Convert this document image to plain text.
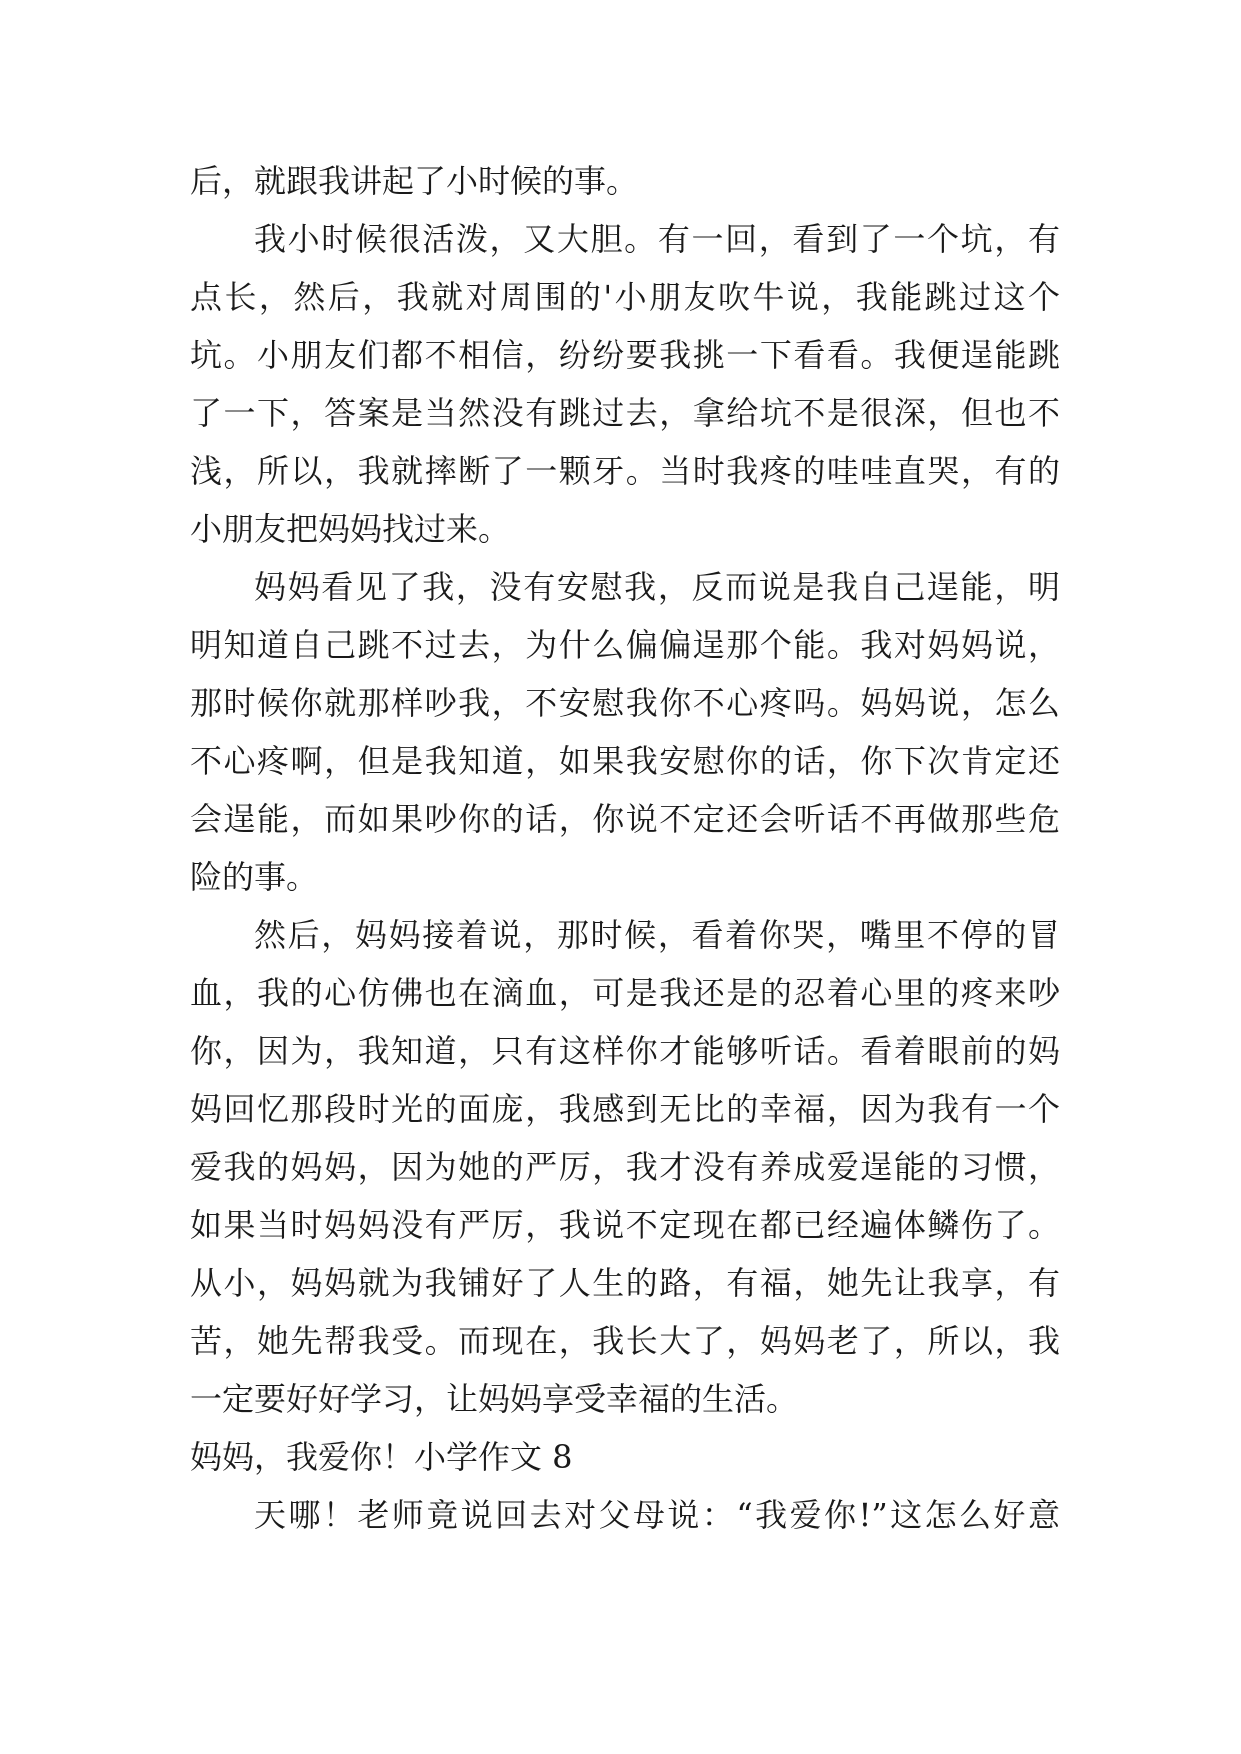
后，就跟我讲起了小时候的事。
我小时候很活泼，又大胆。有一回，看到了一个坑，有
点长，然后，我就对周围的'小朋友吹牛说，我能跳过这个
坑。小朋友们都不相信，纷纷要我挑一下看看。我便逞能跳
了一下，答案是当然没有跳过去，拿给坑不是很深，但也不
浅，所以，我就摔断了一颗牙。当时我疼的哇哇直哭，有的
小朋友把妈妈找过来。
妈妈看见了我，没有安慰我，反而说是我自己逞能，明
明知道自己跳不过去，为什么偏偏逞那个能。我对妈妈说，
那时候你就那样吵我，不安慰我你不心疼吗。妈妈说，怎么
不心疼啊，但是我知道，如果我安慰你的话，你下次肯定还
会逞能，而如果吵你的话，你说不定还会听话不再做那些危
险的事。
然后，妈妈接着说，那时候，看着你哭，嘴里不停的冒
血，我的心仿佛也在滴血，可是我还是的忍着心里的疼来吵
你，因为，我知道，只有这样你才能够听话。看着眼前的妈
妈回忆那段时光的面庞，我感到无比的幸福，因为我有一个
爱我的妈妈，因为她的严厉，我才没有养成爱逞能的习惯，
如果当时妈妈没有严厉，我说不定现在都已经遍体鳞伤了。
从小，妈妈就为我铺好了人生的路，有福，她先让我享，有
苦，她先帮我受。而现在，我长大了，妈妈老了，所以，我
一定要好好学习，让妈妈享受幸福的生活。
妈妈，我爱你！小学作文 8
天哪！老师竟说回去对父母说：“我爱你!”这怎么好意
